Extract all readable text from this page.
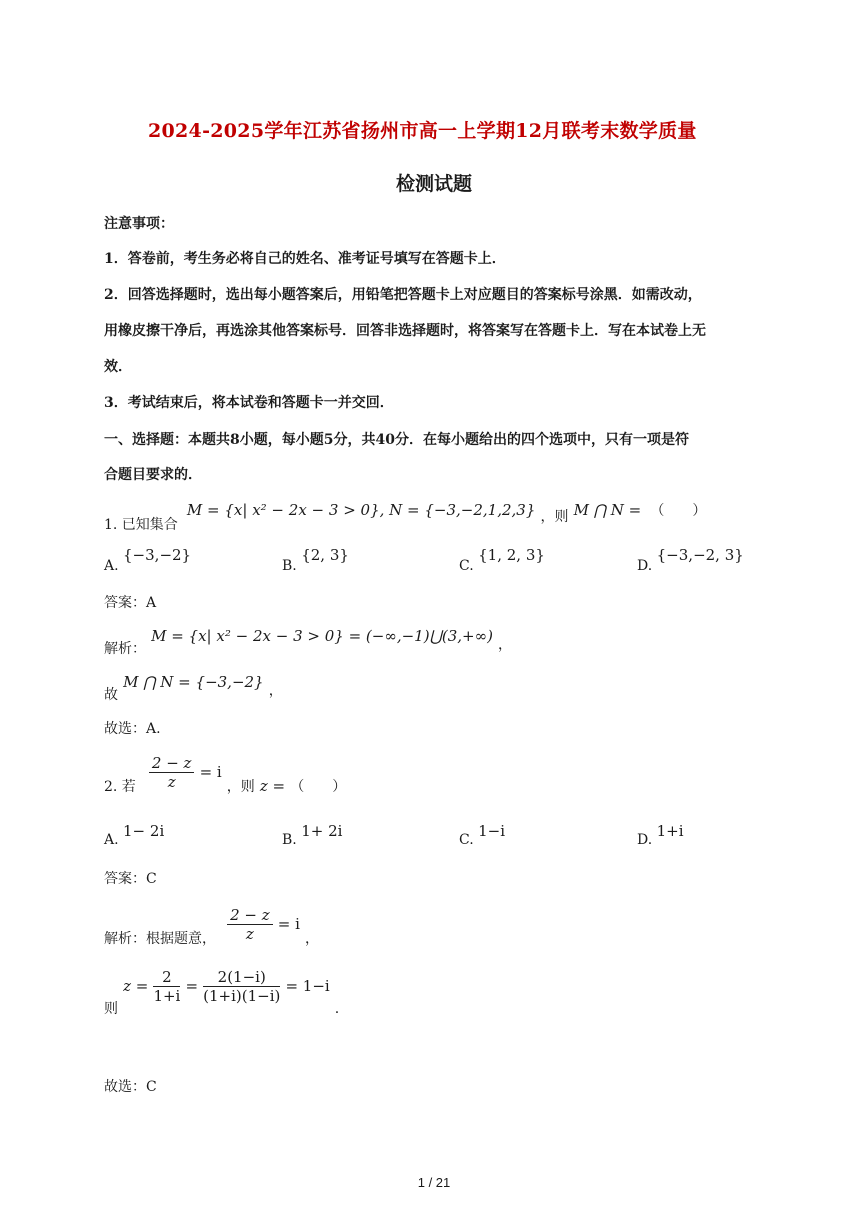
2024-2025学年江苏省扬州市高一上学期12月联考末数学质量
检测试题
注意事项：
1．答卷前，考生务必将自己的姓名、准考证号填写在答题卡上．
2．回答选择题时，选出每小题答案后，用铅笔把答题卡上对应题目的答案标号涂黑．如需改动，
用橡皮擦干净后，再选涂其他答案标号．回答非选择题时，将答案写在答题卡上．写在本试卷上无
效．
3．考试结束后，将本试卷和答题卡一并交回．
一、选择题：本题共8小题，每小题5分，共40分．在每小题给出的四个选项中，只有一项是符
合题目要求的．
1. 已知集合 M = {x| x² − 2x − 3 > 0}, N = {−3,−2,1,2,3} ，则 M ⋂ N = （　　）
A. {−3,−2}
B. {2, 3}
C. {1, 2, 3}
D. {−3,−2, 3}
答案：A
解析： M = {x| x² − 2x − 3 > 0} = (−∞,−1)⋃(3,+∞) ，
故 M ⋂ N = {−3,−2} ，
故选：A.
2. 若 $\frac{2 - z}{z} = i$ ，则 z = （　　）
A. 1− 2i	B. 1+ 2i	C. 1−i	D. 1+i
答案：C
解析：根据题意， $\frac{2 - z}{z} = i$ ，
则 $z = \frac{2}{1+i} = \frac{2(1-i)}{(1+i)(1-i)} = 1-i$ .
故选：C
1 / 21
